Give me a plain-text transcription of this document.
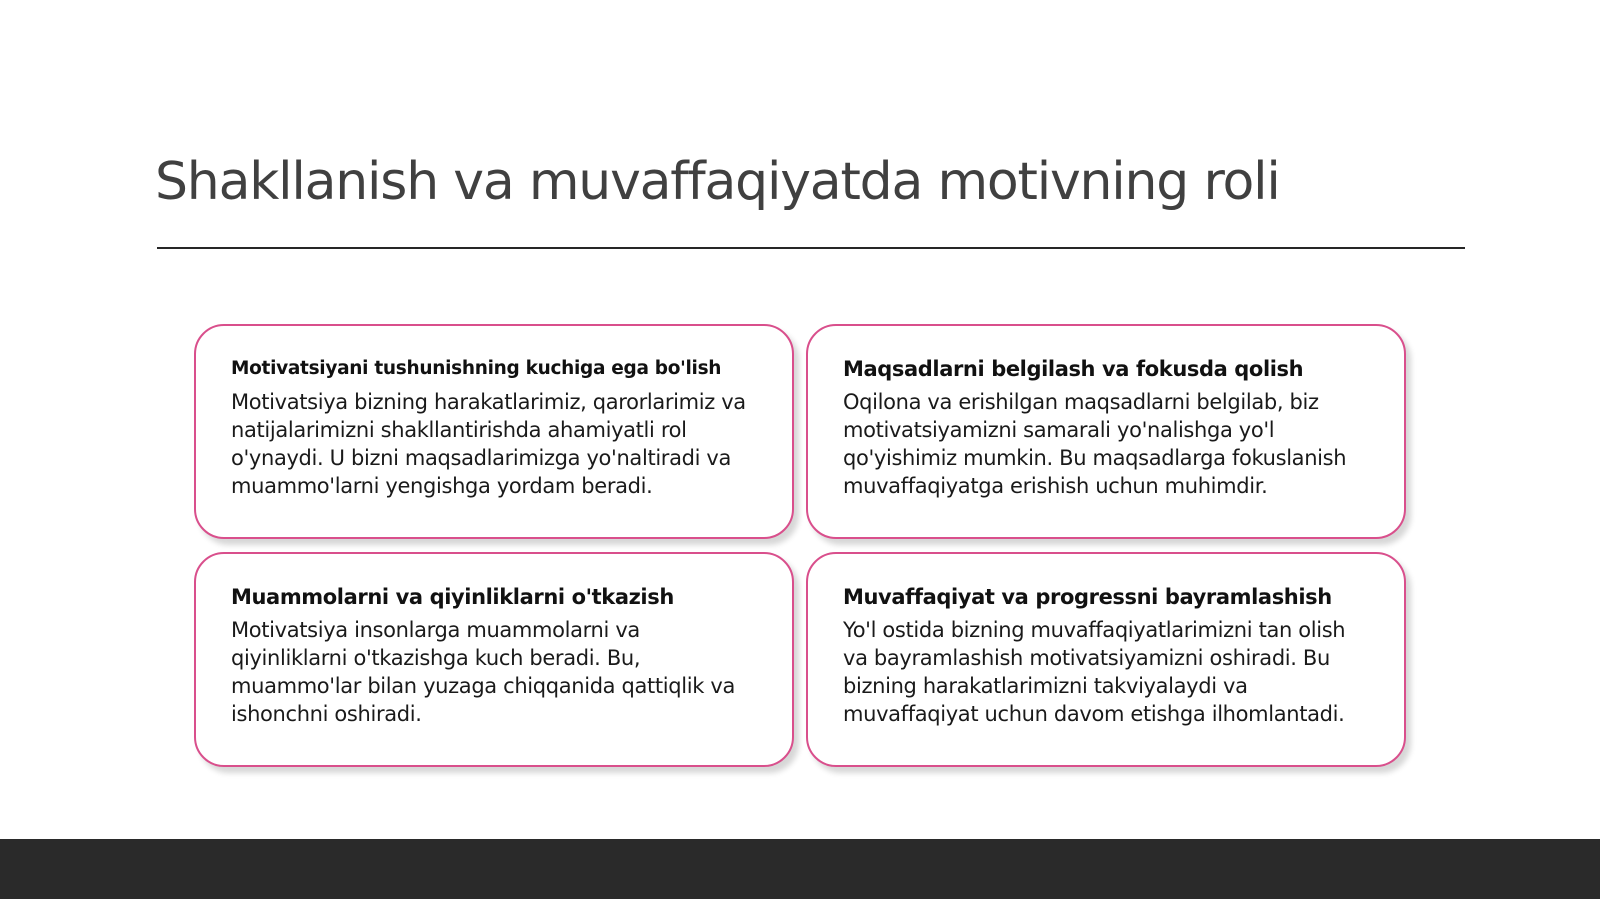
Shakllanish va muvaffaqiyatda motivning roli
Motivatsiyani tushunishning kuchiga ega bo'lish

Motivatsiya bizning harakatlarimiz, qarorlarimiz va natijalarimizni shakllantirishda ahamiyatli rol o'ynaydi. U bizni maqsadlarimizga yo'naltiradi va muammo'larni yengishga yordam beradi.

Maqsadlarni belgilash va fokusda qolish

Oqilona va erishilgan maqsadlarni belgilab, biz motivatsiyamizni samarali yo'nalishga yo'l qo'yishimiz mumkin. Bu maqsadlarga fokuslanish muvaffaqiyatga erishish uchun muhimdir.

Muammolarni va qiyinliklarni o'tkazish

Motivatsiya insonlarga muammolarni va qiyinliklarni o'tkazishga kuch beradi. Bu, muammo'lar bilan yuzaga chiqqanida qattiqlik va ishonchni oshiradi.

Muvaffaqiyat va progressni bayramlashish

Yo'l ostida bizning muvaffaqiyatlarimizni tan olish va bayramlashish motivatsiyamizni oshiradi. Bu bizning harakatlarimizni takviyalaydi va muvaffaqiyat uchun davom etishga ilhomlantadi.
